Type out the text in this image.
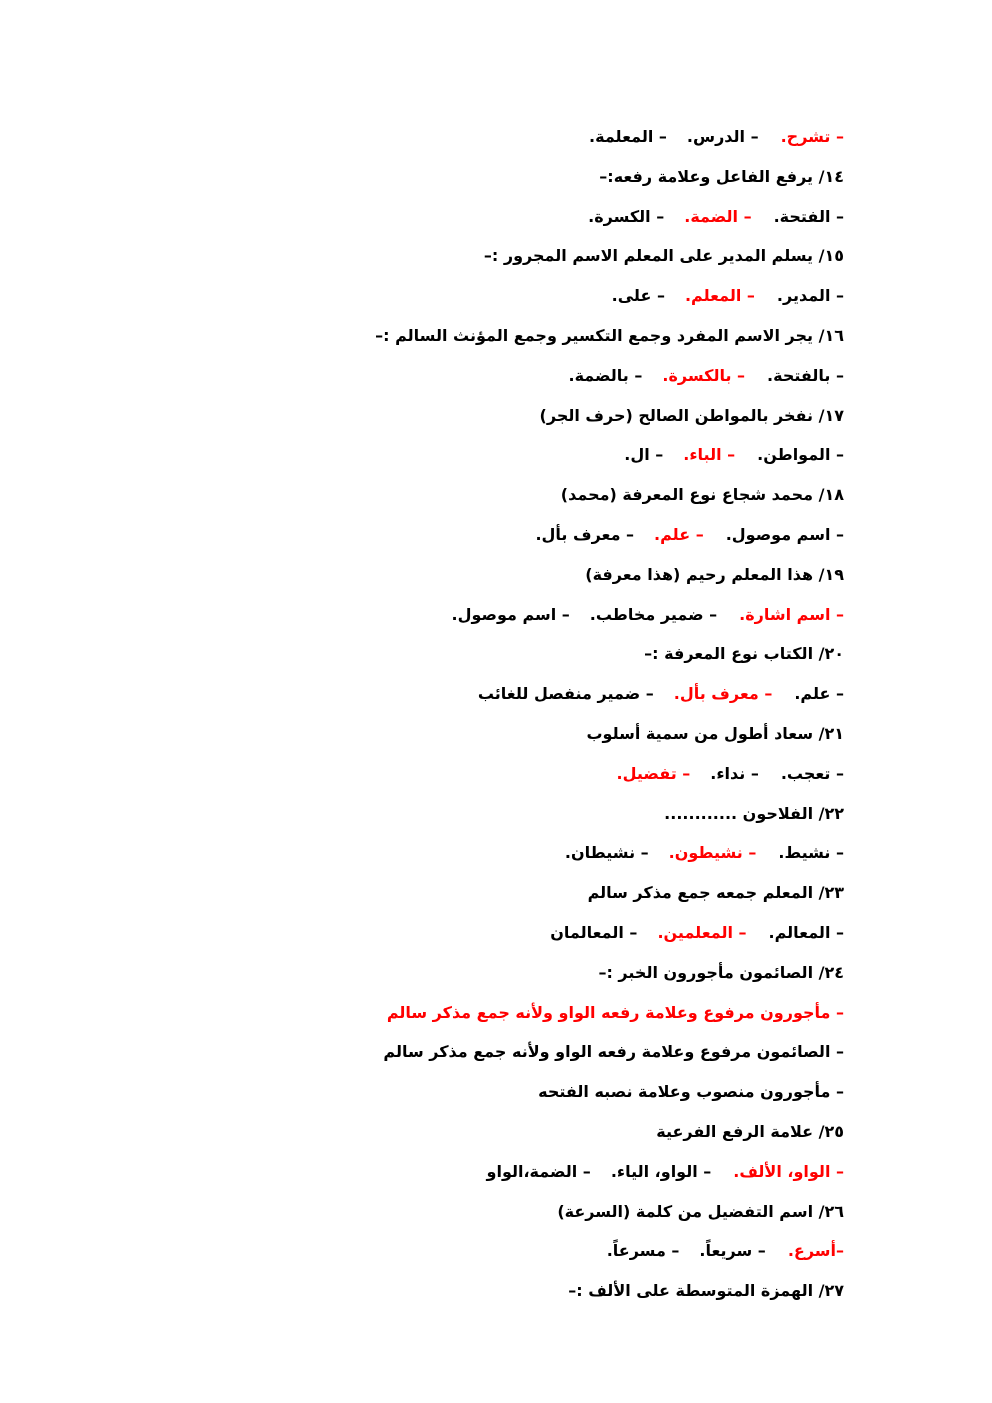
– تشرح.– الدرس.– المعلمة.
١٤/ يرفع الفاعل وعلامة رفعه:–
– الفتحة.– الضمة.– الكسرة.
١٥/ يسلم المدير على المعلم الاسم المجرور :–
– المدير.– المعلم.– على.
١٦/ يجر الاسم المفرد وجمع التكسير وجمع المؤنث السالم :–
– بالفتحة.– بالكسرة.– بالضمة.
١٧/ نفخر بالمواطن الصالح (حرف الجر)
– المواطن.– الباء.– ال.
١٨/ محمد شجاع نوع المعرفة (محمد)
– اسم موصول.– علم.– معرف بأل.
١٩/ هذا المعلم رحيم (هذا معرفة)
– اسم اشارة.– ضمير مخاطب.– اسم موصول.
٢٠/ الكتاب نوع المعرفة :–
– علم.– معرف بأل.– ضمير منفصل للغائب
٢١/ سعاد أطول من سمية أسلوب
– تعجب.– نداء.– تفضيل.
٢٢/ الفلاحون ............
– نشيط.– نشيطون.– نشيطان.
٢٣/ المعلم جمعه جمع مذكر سالم
– المعالم.– المعلمين.– المعالمان
٢٤/ الصائمون مأجورون الخبر :–
– مأجورون مرفوع وعلامة رفعه الواو ولأنه جمع مذكر سالم
– الصائمون مرفوع وعلامة رفعه الواو ولأنه جمع مذكر سالم
– مأجورون منصوب وعلامة نصبه الفتحه
٢٥/ علامة الرفع الفرعية
– الواو، الألف.– الواو، الياء.– الضمة،الواو
٢٦/ اسم التفضيل من كلمة (السرعة)
–أسرع.– سريعاً.– مسرعاً.
٢٧/ الهمزة المتوسطة على الألف :–
